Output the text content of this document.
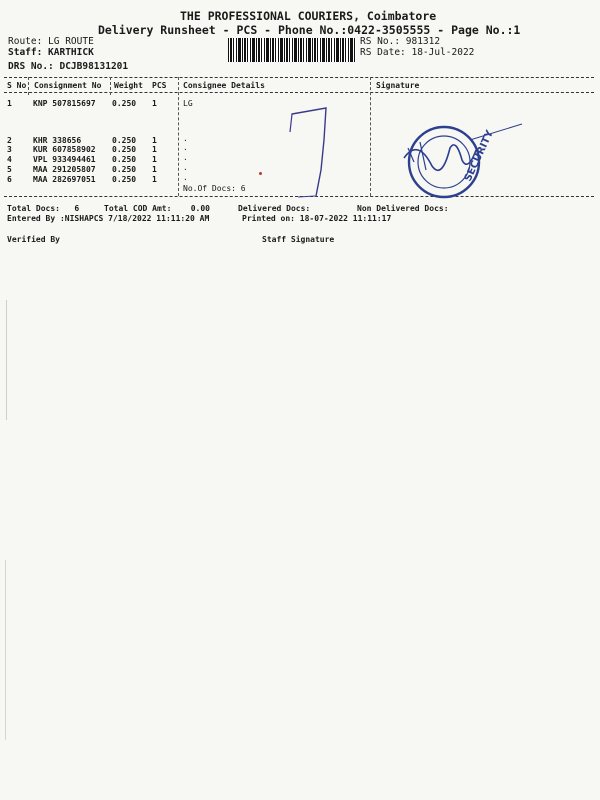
THE PROFESSIONAL COURIERS, Coimbatore
Delivery Runsheet - PCS - Phone No.:0422-3505555 - Page No.:1
Route: LG ROUTE
Staff: KARTHICK
DRS No.: DCJB98131201
RS No.: 981312
RS Date: 18-Jul-2022
S No Consignment No Weight PCS Consignee Details	Signature
1	KNP 507815697 0.250 1	LG
2	KHR 338656	0.250 1	.
3	KUR 607858902 0.250 1	.
4	VPL 933494461 0.250 1	.
5	MAA 291205807 0.250 1	.
6	MAA 282697051 0.250 1	.
No.Of Docs: 6
SECURITY
Total Docs:   6	Total COD Amt:    0.00	Delivered Docs:	Non Delivered Docs:
Entered By :NISHAPCS 7/18/2022 11:11:20 AM	Printed on: 18-07-2022 11:11:17
Verified By	Staff Signature
